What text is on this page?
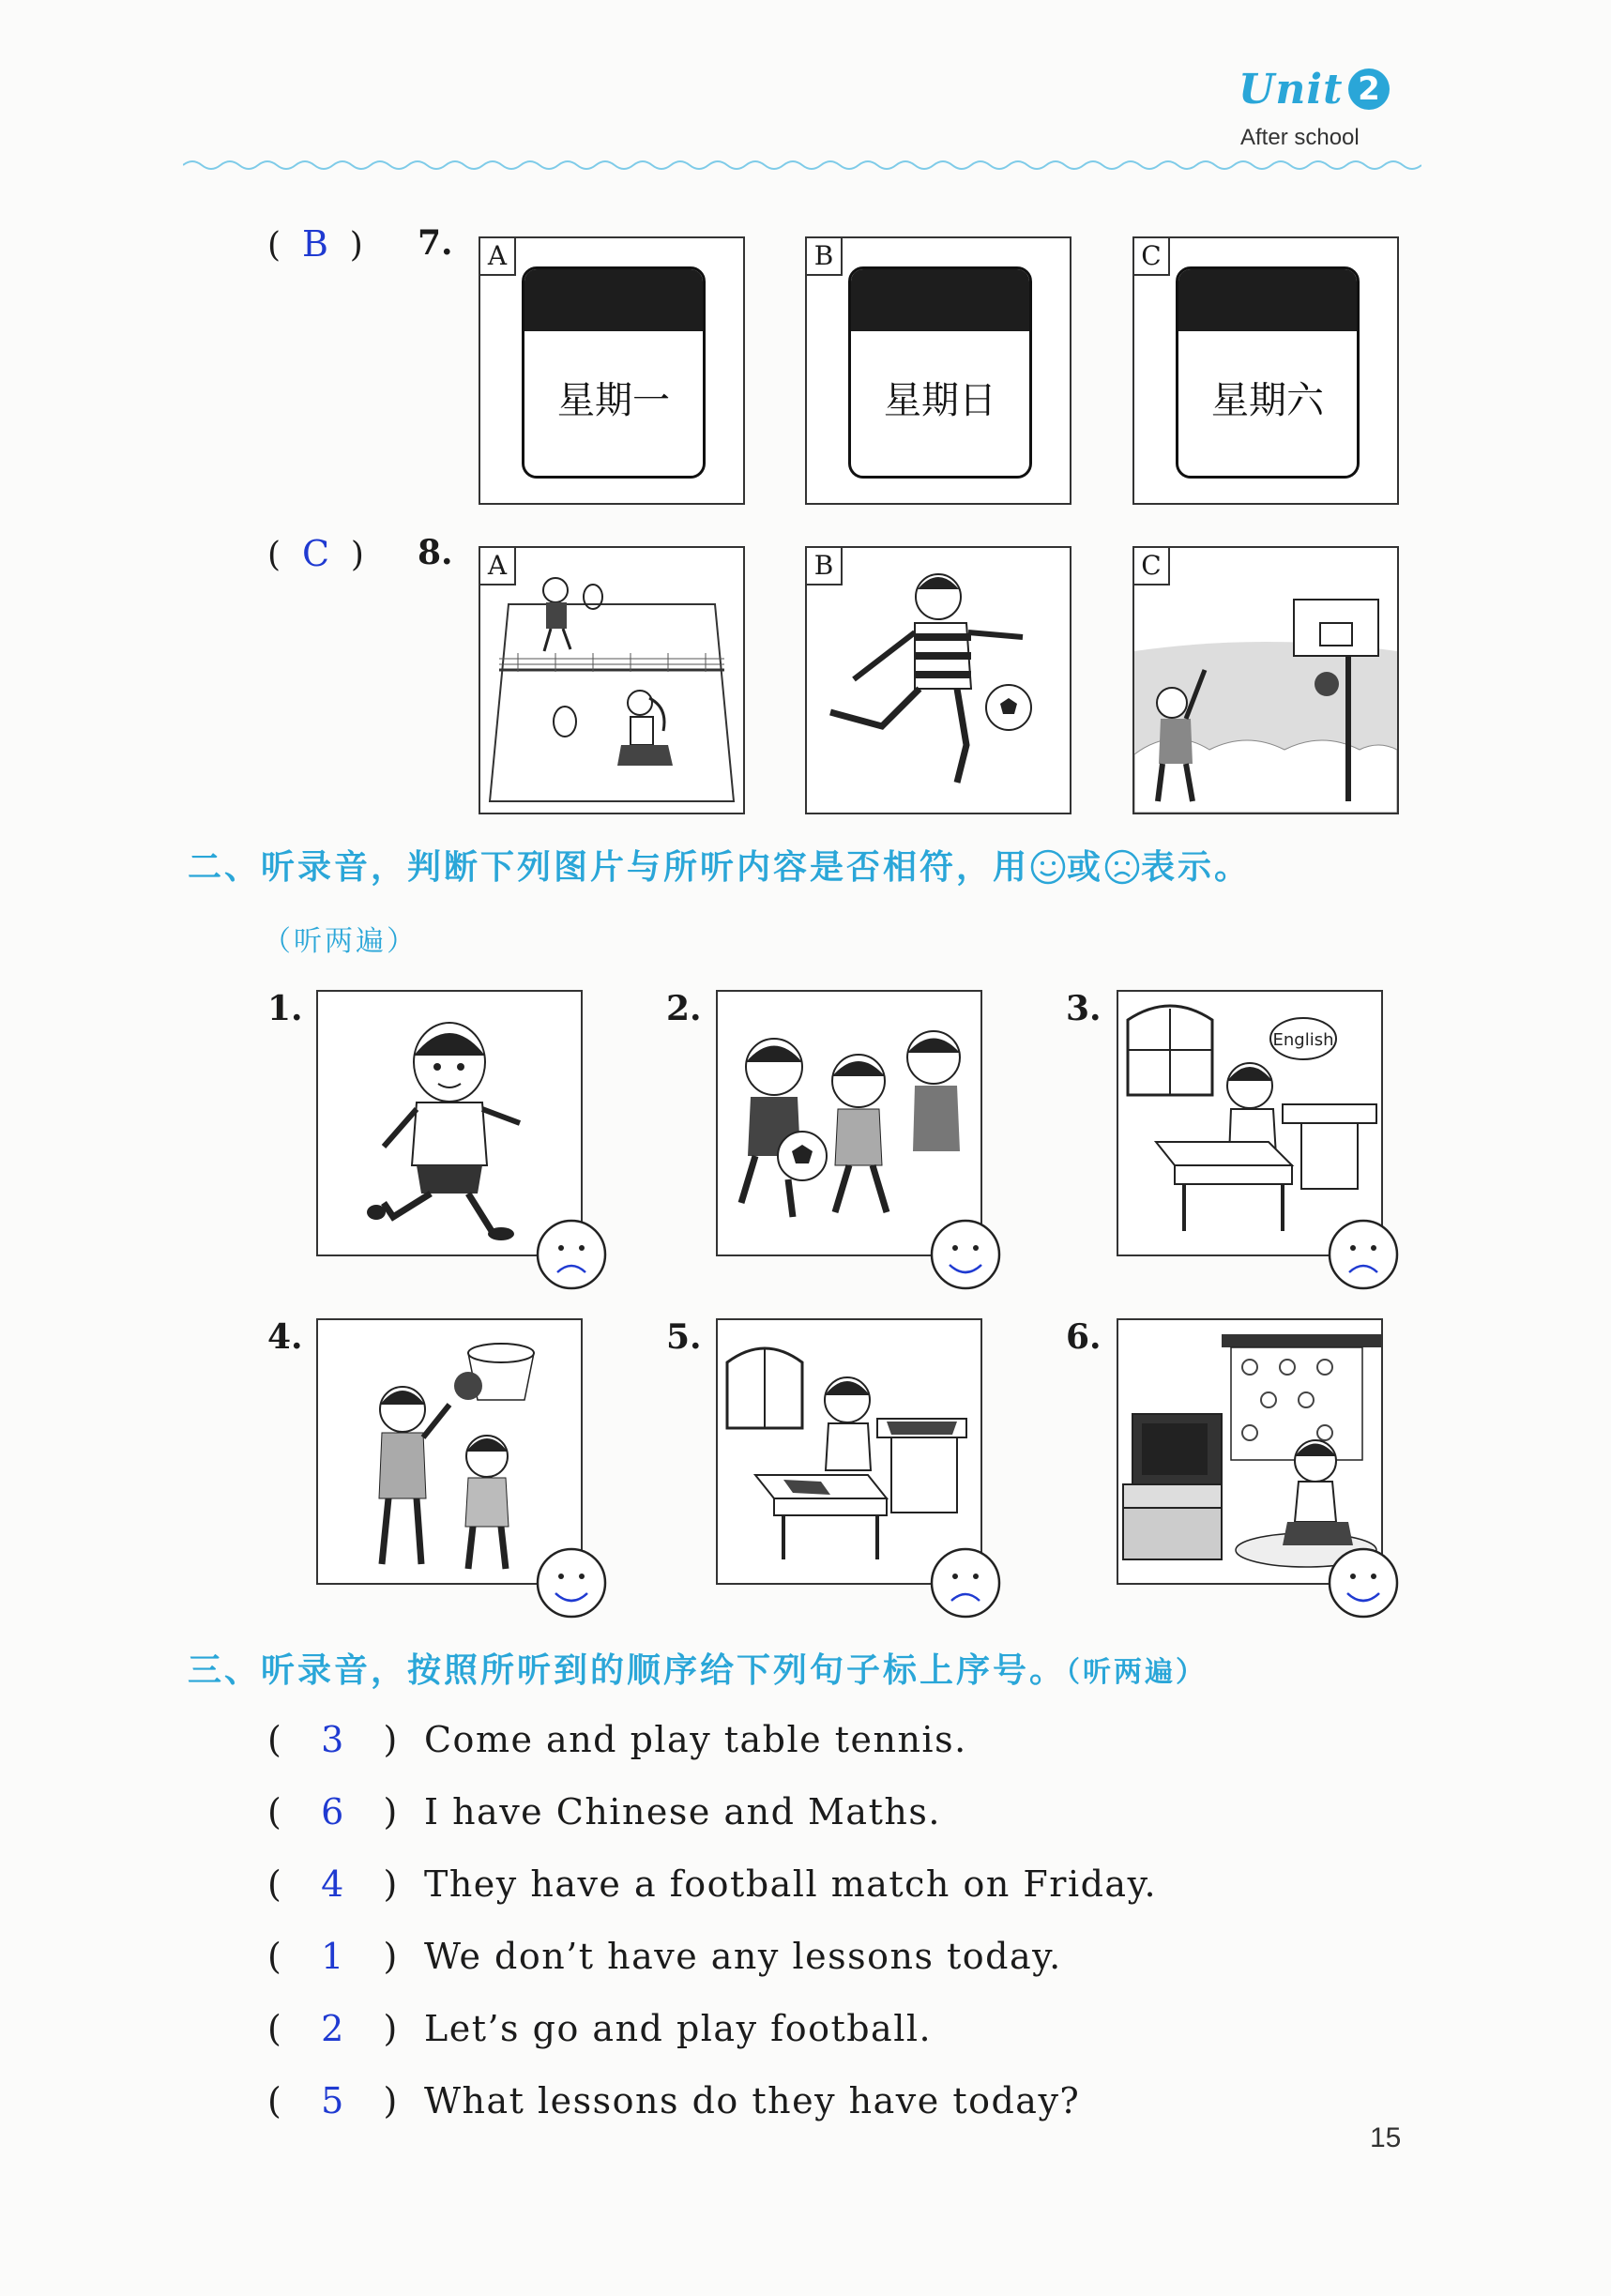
Unit 2
After school
(  B  ) 7.	A
星期一
B
星期日
C
星期六
(  C  ) 8.	A	B	C
二、听录音，判断下列图片与所听内容是否相符，用 或 表示。
（听两遍）
1.	2.	3.
English
4.	5.	6.
三、听录音，按照所听到的顺序给下列句子标上序号。（听两遍）
(   3   )  Come and play table tennis.
(   6   )  I have Chinese and Maths.
(   4   )  They have a football match on Friday.
(   1   )  We don’t have any lessons today.
(   2   )  Let’s go and play football.
(   5   )  What lessons do they have today?
15
